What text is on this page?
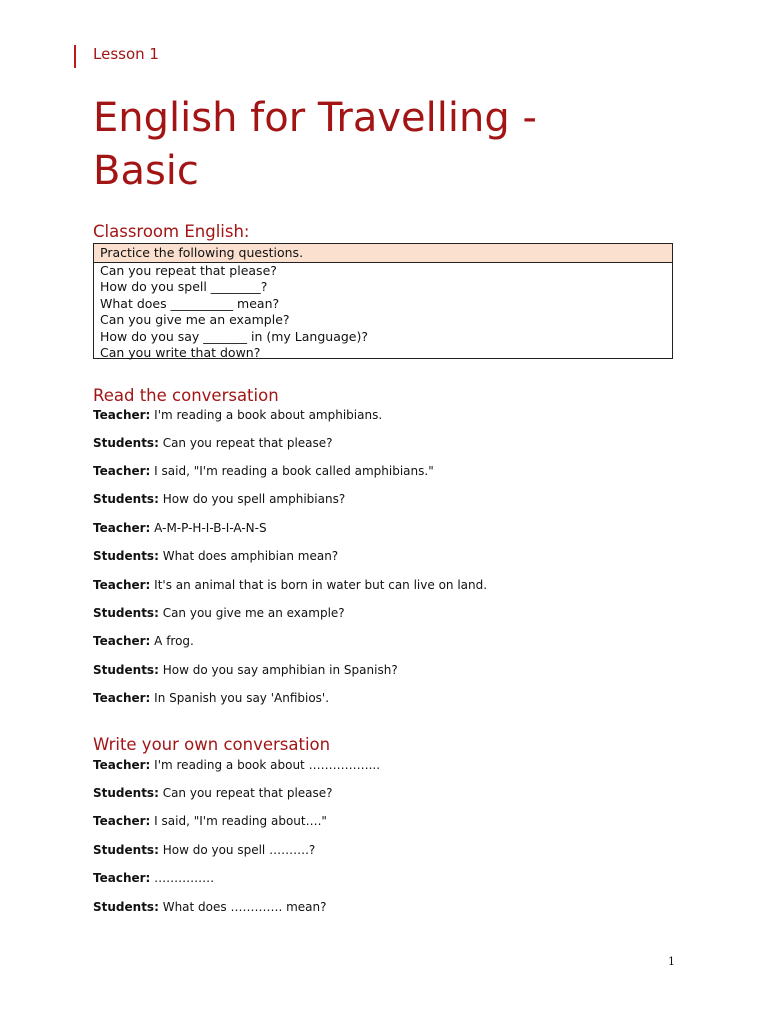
Lesson 1
English for Travelling - Basic
Classroom English:
Practice the following questions.
Can you repeat that please?
How do you spell ________?
What does __________ mean?
Can you give me an example?
How do you say _______ in (my Language)?
Can you write that down?
Read the conversation
Teacher: I'm reading a book about amphibians.
Students: Can you repeat that please?
Teacher: I said, "I'm reading a book called amphibians."
Students: How do you spell amphibians?
Teacher: A-M-P-H-I-B-I-A-N-S
Students: What does amphibian mean?
Teacher: It's an animal that is born in water but can live on land.
Students: Can you give me an example?
Teacher: A frog.
Students: How do you say amphibian in Spanish?
Teacher: In Spanish you say 'Anfibios'.
Write your own conversation
Teacher: I'm reading a book about ……………...
Students: Can you repeat that please?
Teacher: I said, "I'm reading about…."
Students: How do you spell ……….?
Teacher: ……………
Students: What does …………. mean?
1
